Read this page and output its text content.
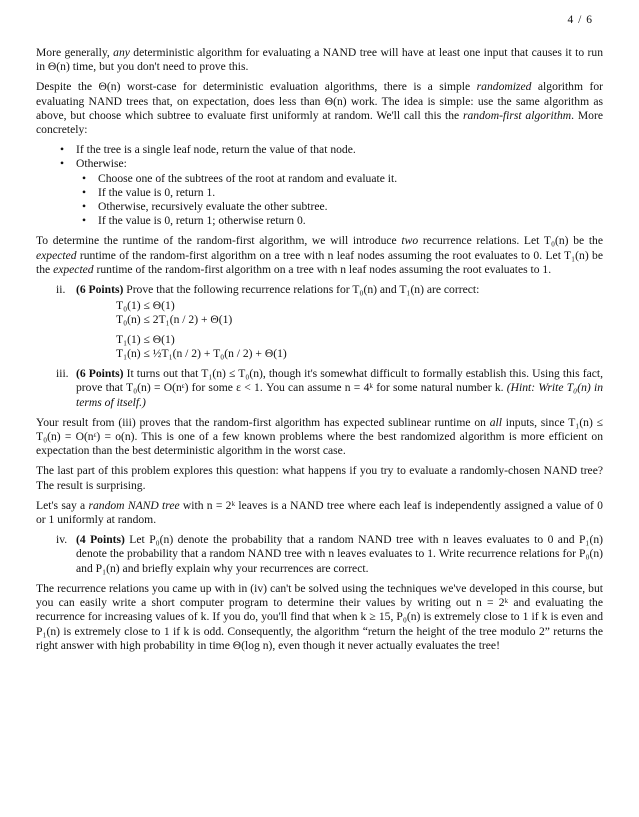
4 / 6

More generally, any deterministic algorithm for evaluating a NAND tree will have at least one input that causes it to run in Θ(n) time, but you don't need to prove this.

Despite the Θ(n) worst-case for deterministic evaluation algorithms, there is a simple randomized algorithm for evaluating NAND trees that, on expectation, does less than Θ(n) work. The idea is simple: use the same algorithm as above, but choose which subtree to evaluate first uniformly at random. We'll call this the random-first algorithm. More concretely:

• If the tree is a single leaf node, return the value of that node.
• Otherwise:
• Choose one of the subtrees of the root at random and evaluate it.
• If the value is 0, return 1.
• Otherwise, recursively evaluate the other subtree.
• If the value is 0, return 1; otherwise return 0.

To determine the runtime of the random-first algorithm, we will introduce two recurrence relations. Let T₀(n) be the expected runtime of the random-first algorithm on a tree with n leaf nodes assuming the root evaluates to 0. Let T₁(n) be the expected runtime of the random-first algorithm on a tree with n leaf nodes assuming the root evaluates to 1.

ii. (6 Points) Prove that the following recurrence relations for T₀(n) and T₁(n) are correct:
T₀(1) ≤ Θ(1)
T₀(n) ≤ 2T₁(n / 2) + Θ(1)
T₁(1) ≤ Θ(1)
T₁(n) ≤ ½T₁(n / 2) + T₀(n / 2) + Θ(1)
iii. (6 Points) It turns out that T₁(n) ≤ T₀(n), though it's somewhat difficult to formally establish this. Using this fact, prove that T₀(n) = O(nᵋ) for some ε < 1. You can assume n = 4ᵏ for some natural number k. (Hint: Write T₀(n) in terms of itself.)

Your result from (iii) proves that the random-first algorithm has expected sublinear runtime on all inputs, since T₁(n) ≤ T₀(n) = O(nᵋ) = o(n). This is one of a few known problems where the best randomized algorithm is more efficient on expectation than the best deterministic algorithm in the worst case.

The last part of this problem explores this question: what happens if you try to evaluate a randomly-chosen NAND tree? The result is surprising.

Let's say a random NAND tree with n = 2ᵏ leaves is a NAND tree where each leaf is independently assigned a value of 0 or 1 uniformly at random.

iv. (4 Points) Let P₀(n) denote the probability that a random NAND tree with n leaves evaluates to 0 and P₁(n) denote the probability that a random NAND tree with n leaves evaluates to 1. Write recurrence relations for P₀(n) and P₁(n) and briefly explain why your recurrences are correct.

The recurrence relations you came up with in (iv) can't be solved using the techniques we've developed in this course, but you can easily write a short computer program to determine their values by writing out n = 2ᵏ and evaluating the recurrence for increasing values of k. If you do, you'll find that when k ≥ 15, P₀(n) is extremely close to 1 if k is even and P₁(n) is extremely close to 1 if k is odd. Consequently, the algorithm “return the height of the tree modulo 2” returns the right answer with high probability in time Θ(log n), even though it never actually evaluates the tree!
